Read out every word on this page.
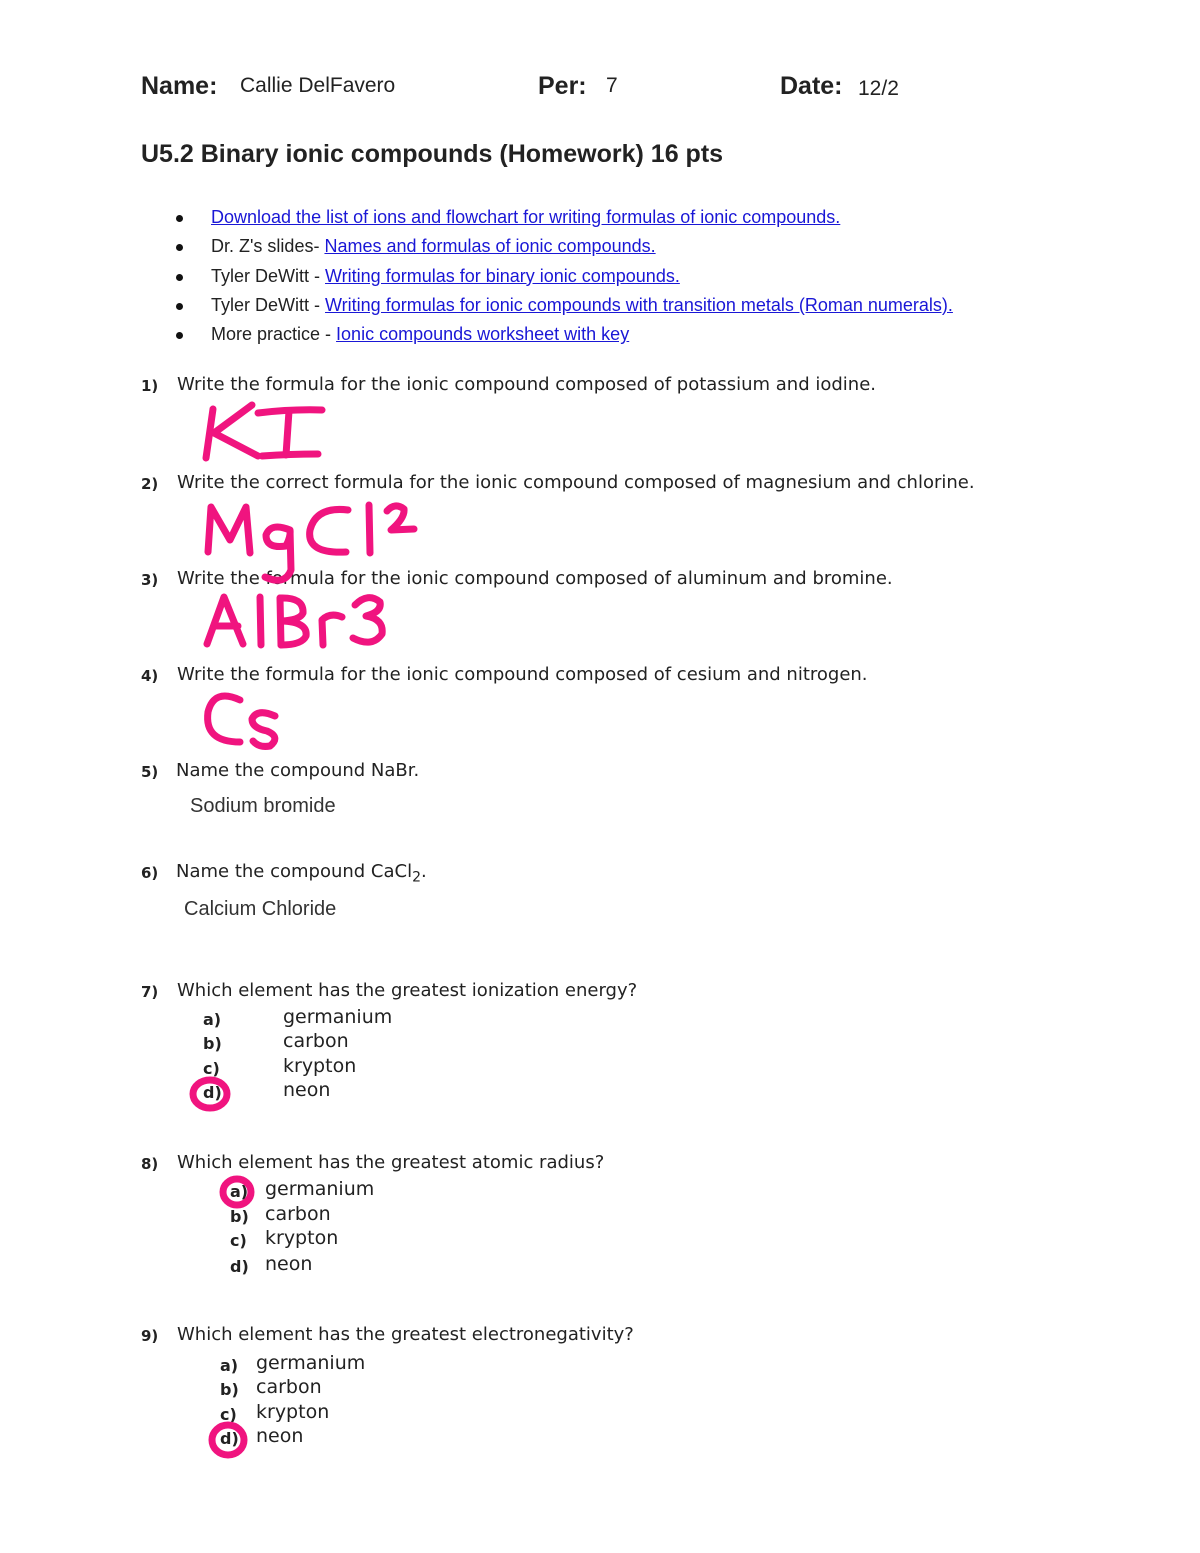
Name: Callie DelFavero	Per: 7	Date: 12/2
U5.2 Binary ionic compounds (Homework) 16 pts
Download the list of ions and flowchart for writing formulas of ionic compounds.
Dr. Z's slides- Names and formulas of ionic compounds.
Tyler DeWitt - Writing formulas for binary ionic compounds.
Tyler DeWitt - Writing formulas for ionic compounds with transition metals (Roman numerals).
More practice - Ionic compounds worksheet with key
1) Write the formula for the ionic compound composed of potassium and iodine.
2) Write the correct formula for the ionic compound composed of magnesium and chlorine.
3) Write the formula for the ionic compound composed of aluminum and bromine.
4) Write the formula for the ionic compound composed of cesium and nitrogen.
5) Name the compound NaBr.
Sodium bromide
6) Name the compound CaCl$_2$.
Calcium Chloride
7) Which element has the greatest ionization energy?
a)	germanium
b)	carbon
c)	krypton
d)	neon
8) Which element has the greatest atomic radius?
a) germanium
b) carbon
c) krypton
d) neon
9) Which element has the greatest electronegativity?
a) germanium
b) carbon
c) krypton
d) neon
